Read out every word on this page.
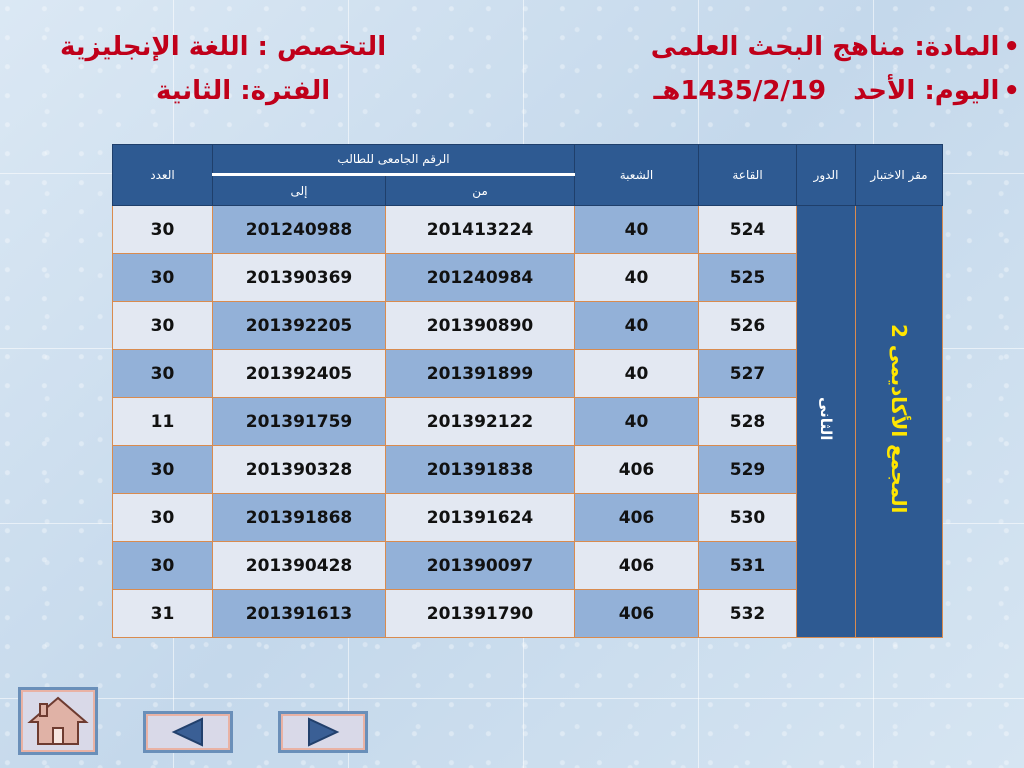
•المادة: مناهج البحث العلمى
•اليوم: الأحد   1435/2/19هـ
التخصص : اللغة الإنجليزية
الفترة: الثانية
العدد	الرقم الجامعى للطالب		الشعبة	القاعة	الدور	مقر الاختبار
	إلى	من				
30	201240988	201413224	40	524	الثانى	المجمع الأكاديمى 2
30	201390369	201240984	40	525		
30	201392205	201390890	40	526		
30	201392405	201391899	40	527		
11	201391759	201392122	40	528		
30	201390328	201391838	406	529		
30	201391868	201391624	406	530		
30	201390428	201390097	406	531		
31	201391613	201391790	406	532		
